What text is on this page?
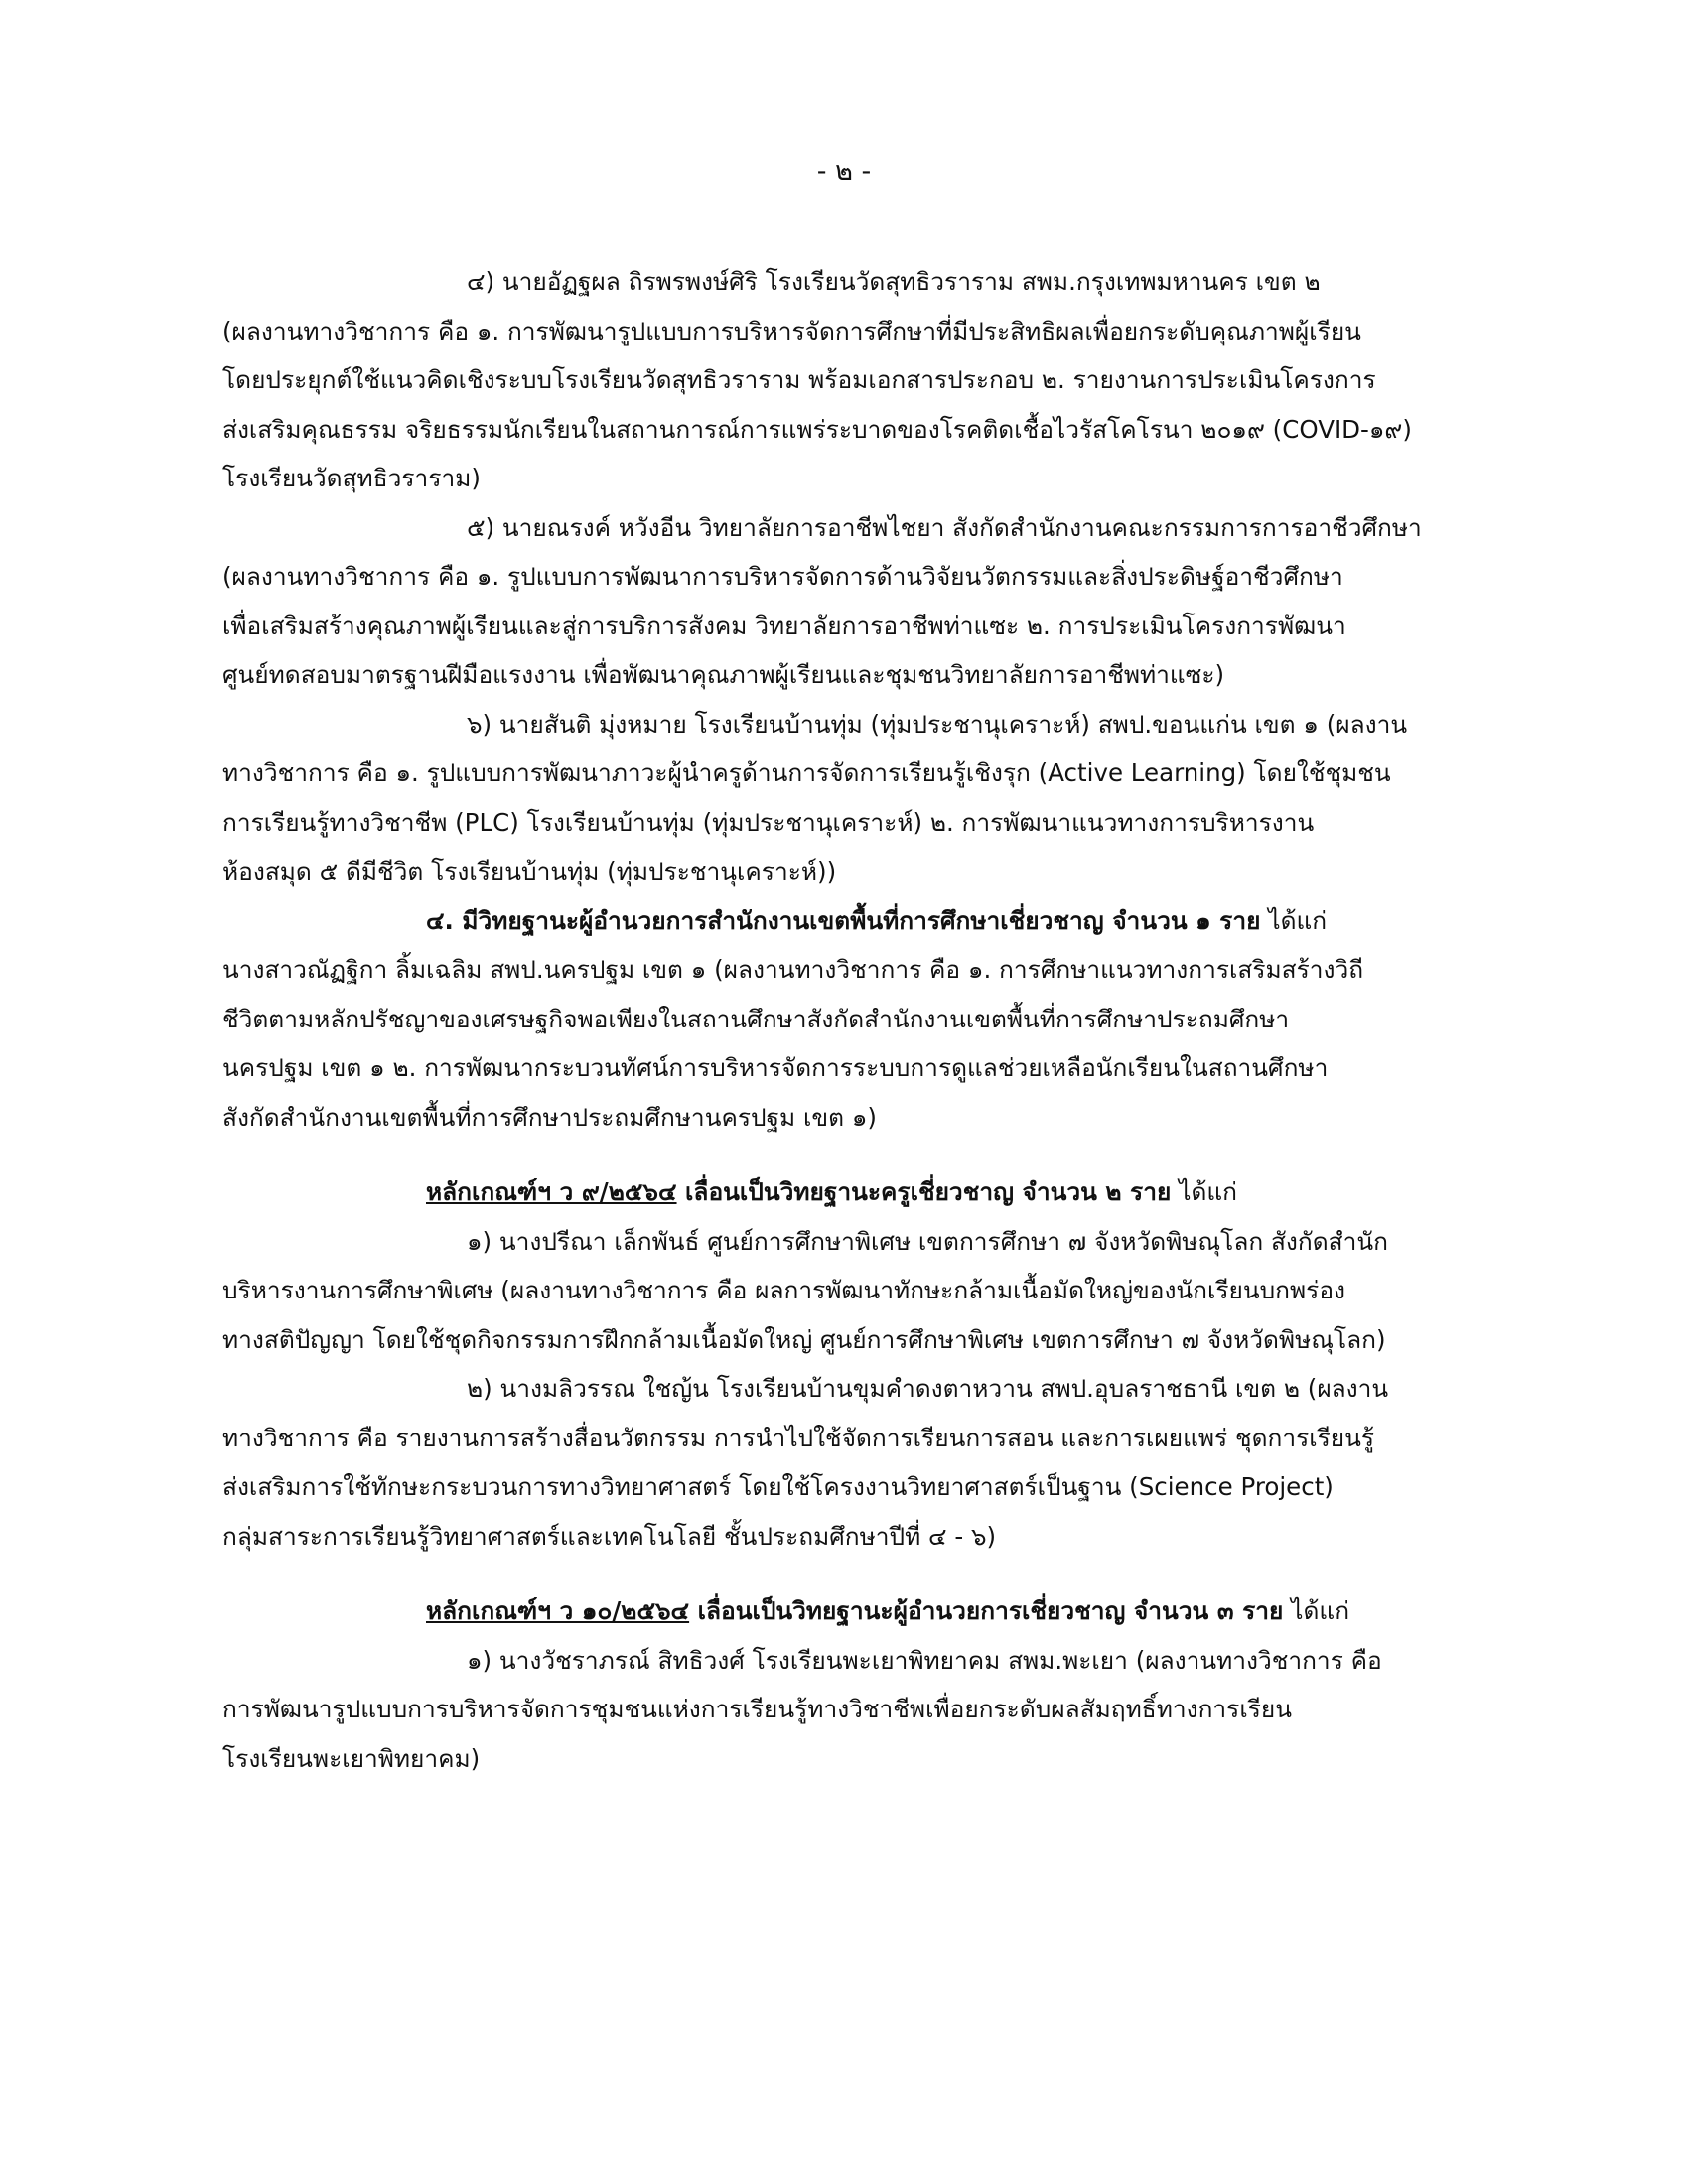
- ๒ -
๔) นายอัฏฐผล ถิรพรพงษ์ศิริ โรงเรียนวัดสุทธิวราราม สพม.กรุงเทพมหานคร เขต ๒
(ผลงานทางวิชาการ คือ ๑. การพัฒนารูปแบบการบริหารจัดการศึกษาที่มีประสิทธิผลเพื่อยกระดับคุณภาพผู้เรียน
โดยประยุกต์ใช้แนวคิดเชิงระบบโรงเรียนวัดสุทธิวราราม พร้อมเอกสารประกอบ ๒. รายงานการประเมินโครงการ
ส่งเสริมคุณธรรม จริยธรรมนักเรียนในสถานการณ์การแพร่ระบาดของโรคติดเชื้อไวรัสโคโรนา ๒๐๑๙ (COVID-๑๙)
โรงเรียนวัดสุทธิวราราม)
๕) นายณรงค์ หวังอีน วิทยาลัยการอาชีพไชยา สังกัดสำนักงานคณะกรรมการการอาชีวศึกษา
(ผลงานทางวิชาการ คือ ๑. รูปแบบการพัฒนาการบริหารจัดการด้านวิจัยนวัตกรรมและสิ่งประดิษฐ์อาชีวศึกษา
เพื่อเสริมสร้างคุณภาพผู้เรียนและสู่การบริการสังคม วิทยาลัยการอาชีพท่าแซะ ๒. การประเมินโครงการพัฒนา
ศูนย์ทดสอบมาตรฐานฝีมือแรงงาน เพื่อพัฒนาคุณภาพผู้เรียนและชุมชนวิทยาลัยการอาชีพท่าแซะ)
๖) นายสันติ มุ่งหมาย โรงเรียนบ้านทุ่ม (ทุ่มประชานุเคราะห์) สพป.ขอนแก่น เขต ๑ (ผลงาน
ทางวิชาการ คือ ๑. รูปแบบการพัฒนาภาวะผู้นำครูด้านการจัดการเรียนรู้เชิงรุก (Active Learning) โดยใช้ชุมชน
การเรียนรู้ทางวิชาชีพ (PLC) โรงเรียนบ้านทุ่ม (ทุ่มประชานุเคราะห์) ๒. การพัฒนาแนวทางการบริหารงาน
ห้องสมุด ๕ ดีมีชีวิต โรงเรียนบ้านทุ่ม (ทุ่มประชานุเคราะห์))
๔. มีวิทยฐานะผู้อำนวยการสำนักงานเขตพื้นที่การศึกษาเชี่ยวชาญ จำนวน ๑ ราย ได้แก่
นางสาวณัฏฐิกา ลิ้มเฉลิม สพป.นครปฐม เขต ๑ (ผลงานทางวิชาการ คือ ๑. การศึกษาแนวทางการเสริมสร้างวิถี
ชีวิตตามหลักปรัชญาของเศรษฐกิจพอเพียงในสถานศึกษาสังกัดสำนักงานเขตพื้นที่การศึกษาประถมศึกษา
นครปฐม เขต ๑ ๒. การพัฒนากระบวนทัศน์การบริหารจัดการระบบการดูแลช่วยเหลือนักเรียนในสถานศึกษา
สังกัดสำนักงานเขตพื้นที่การศึกษาประถมศึกษานครปฐม เขต ๑)
หลักเกณฑ์ฯ ว ๙/๒๕๖๔ เลื่อนเป็นวิทยฐานะครูเชี่ยวชาญ จำนวน ๒ ราย ได้แก่
๑) นางปรีณา เล็กพันธ์ ศูนย์การศึกษาพิเศษ เขตการศึกษา ๗ จังหวัดพิษณุโลก สังกัดสำนัก
บริหารงานการศึกษาพิเศษ (ผลงานทางวิชาการ คือ ผลการพัฒนาทักษะกล้ามเนื้อมัดใหญ่ของนักเรียนบกพร่อง
ทางสติปัญญา โดยใช้ชุดกิจกรรมการฝึกกล้ามเนื้อมัดใหญ่ ศูนย์การศึกษาพิเศษ เขตการศึกษา ๗ จังหวัดพิษณุโลก)
๒) นางมลิวรรณ ใชญ้น โรงเรียนบ้านขุมคำดงตาหวาน สพป.อุบลราชธานี เขต ๒ (ผลงาน
ทางวิชาการ คือ รายงานการสร้างสื่อนวัตกรรม การนำไปใช้จัดการเรียนการสอน และการเผยแพร่ ชุดการเรียนรู้
ส่งเสริมการใช้ทักษะกระบวนการทางวิทยาศาสตร์ โดยใช้โครงงานวิทยาศาสตร์เป็นฐาน (Science Project)
กลุ่มสาระการเรียนรู้วิทยาศาสตร์และเทคโนโลยี ชั้นประถมศึกษาปีที่ ๔ - ๖)
หลักเกณฑ์ฯ ว ๑๐/๒๕๖๔ เลื่อนเป็นวิทยฐานะผู้อำนวยการเชี่ยวชาญ จำนวน ๓ ราย ได้แก่
๑) นางวัชราภรณ์ สิทธิวงศ์ โรงเรียนพะเยาพิทยาคม สพม.พะเยา (ผลงานทางวิชาการ คือ
การพัฒนารูปแบบการบริหารจัดการชุมชนแห่งการเรียนรู้ทางวิชาชีพเพื่อยกระดับผลสัมฤทธิ์ทางการเรียน
โรงเรียนพะเยาพิทยาคม)
